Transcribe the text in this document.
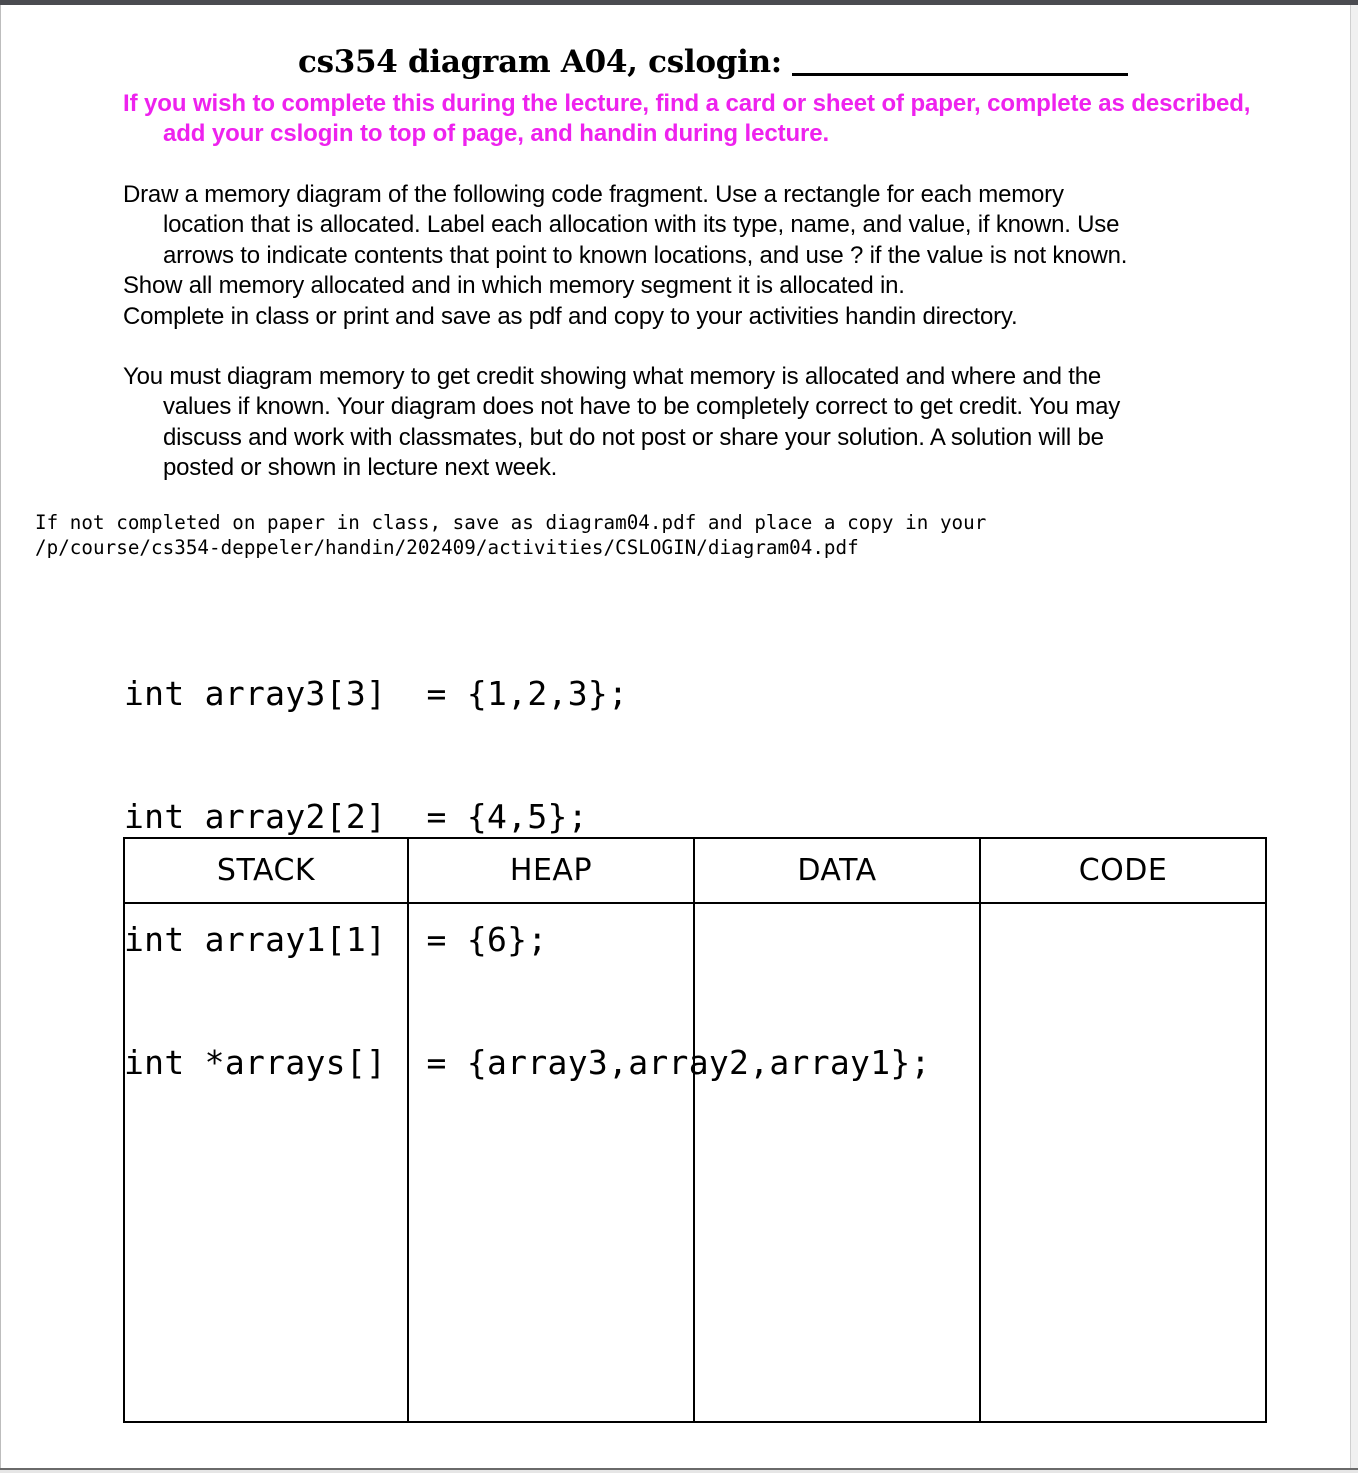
cs354 diagram A04, cslogin:
If you wish to complete this during the lecture, find a card or sheet of paper, complete as described, add your cslogin to top of page, and handin during lecture.
Draw a memory diagram of the following code fragment. Use a rectangle for each memory
location that is allocated. Label each allocation with its type, name, and value, if known. Use
arrows to indicate contents that point to known locations, and use ? if the value is not known.
Show all memory allocated and in which memory segment it is allocated in.
Complete in class or print and save as pdf and copy to your activities handin directory.
You must diagram memory to get credit showing what memory is allocated and where and the
values if known. Your diagram does not have to be completely correct to get credit. You may
discuss and work with classmates, but do not post or share your solution. A solution will be
posted or shown in lecture next week.
If not completed on paper in class, save as diagram04.pdf and place a copy in your
/p/course/cs354-deppeler/handin/202409/activities/CSLOGIN/diagram04.pdf

int array3[3]  = {1,2,3};

int array2[2]  = {4,5};

int array1[1]  = {6};

int *arrays[]  = {array3,array2,array1};

STACK	HEAP	DATA	CODE
